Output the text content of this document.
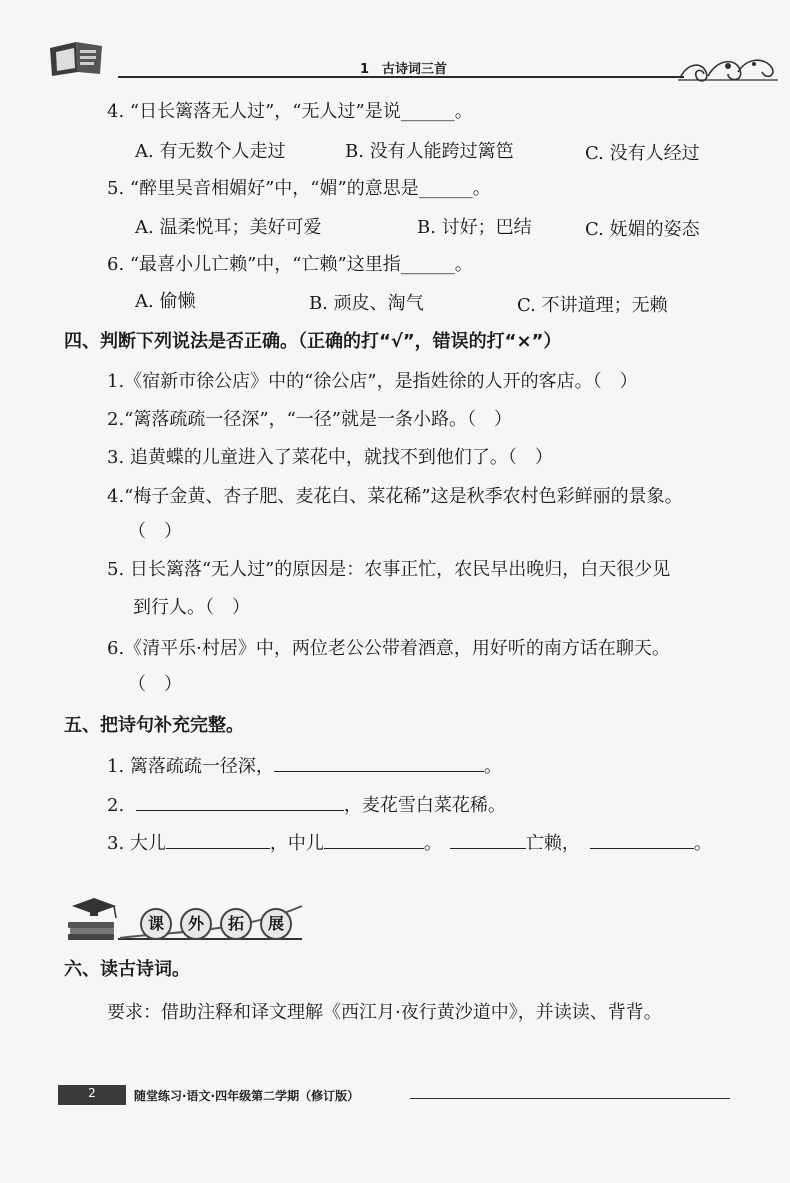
1　古诗词三首
4. “日长篱落无人过”，“无人过”是说______。
A. 有无数个人走过	B. 没有人能跨过篱笆	C. 没有人经过
5. “醉里吴音相媚好”中，“媚”的意思是______。
A. 温柔悦耳；美好可爱	B. 讨好；巴结	C. 妩媚的姿态
6. “最喜小儿亡赖”中，“亡赖”这里指______。
A. 偷懒	B. 顽皮、淘气	C. 不讲道理；无赖
四、判断下列说法是否正确。（正确的打“√”，错误的打“×”）
1.《宿新市徐公店》中的“徐公店”，是指姓徐的人开的客店。（　）
2.“篱落疏疏一径深”，“一径”就是一条小路。（　）
3. 追黄蝶的儿童进入了菜花中，就找不到他们了。（　）
4.“梅子金黄、杏子肥、麦花白、菜花稀”这是秋季农村色彩鲜丽的景象。
（　）
5. 日长篱落“无人过”的原因是：农事正忙，农民早出晚归，白天很少见
到行人。（　）
6.《清平乐·村居》中，两位老公公带着酒意，用好听的南方话在聊天。
（　）
五、把诗句补充完整。
1. 篱落疏疏一径深，	。
2.	，麦花雪白菜花稀。
3. 大儿	，中儿	。	亡赖，	。
课	外	拓	展
六、读古诗词。
要求：借助注释和译文理解《西江月·夜行黄沙道中》，并读读、背背。
2	随堂练习·语文·四年级第二学期（修订版）
